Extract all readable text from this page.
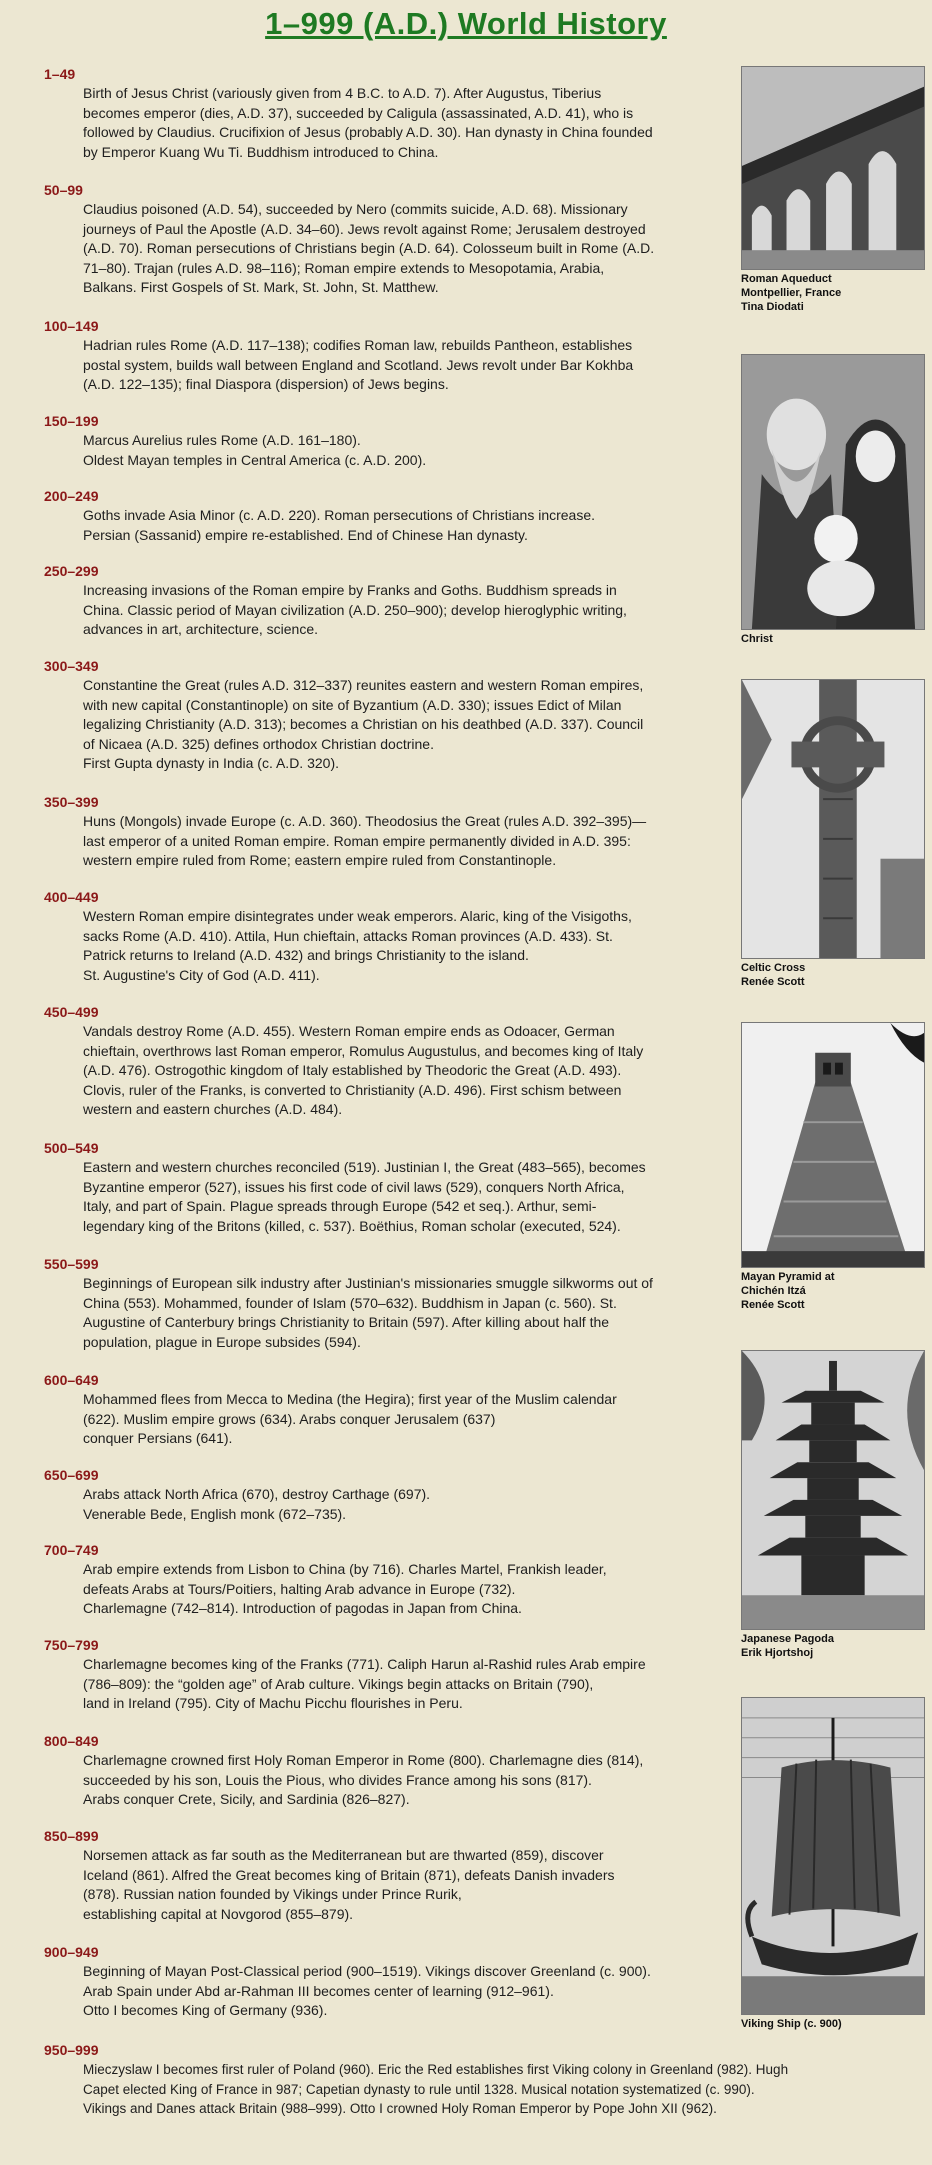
1–999 (A.D.) World History
1–49

Birth of Jesus Christ (variously given from 4 B.C. to A.D. 7). After Augustus, Tiberius

becomes emperor (dies, A.D. 37), succeeded by Caligula (assassinated, A.D. 41), who is

followed by Claudius. Crucifixion of Jesus (probably A.D. 30). Han dynasty in China founded

by Emperor Kuang Wu Ti. Buddhism introduced to China.

50–99

Claudius poisoned (A.D. 54), succeeded by Nero (commits suicide, A.D. 68). Missionary

journeys of Paul the Apostle (A.D. 34–60). Jews revolt against Rome; Jerusalem destroyed

(A.D. 70). Roman persecutions of Christians begin (A.D. 64). Colosseum built in Rome (A.D.

71–80). Trajan (rules A.D. 98–116); Roman empire extends to Mesopotamia, Arabia,

Balkans. First Gospels of St. Mark, St. John, St. Matthew.

100–149

Hadrian rules Rome (A.D. 117–138); codifies Roman law, rebuilds Pantheon, establishes

postal system, builds wall between England and Scotland. Jews revolt under Bar Kokhba

(A.D. 122–135); final Diaspora (dispersion) of Jews begins.

150–199

Marcus Aurelius rules Rome (A.D. 161–180).

Oldest Mayan temples in Central America (c. A.D. 200).

200–249

Goths invade Asia Minor (c. A.D. 220). Roman persecutions of Christians increase.

Persian (Sassanid) empire re-established. End of Chinese Han dynasty.

250–299

Increasing invasions of the Roman empire by Franks and Goths. Buddhism spreads in

China. Classic period of Mayan civilization (A.D. 250–900); develop hieroglyphic writing,

advances in art, architecture, science.

300–349

Constantine the Great (rules A.D. 312–337) reunites eastern and western Roman empires,

with new capital (Constantinople) on site of Byzantium (A.D. 330); issues Edict of Milan

legalizing Christianity (A.D. 313); becomes a Christian on his deathbed (A.D. 337). Council

of Nicaea (A.D. 325) defines orthodox Christian doctrine.

First Gupta dynasty in India (c. A.D. 320).

350–399

Huns (Mongols) invade Europe (c. A.D. 360). Theodosius the Great (rules A.D. 392–395)—

last emperor of a united Roman empire. Roman empire permanently divided in A.D. 395:

western empire ruled from Rome; eastern empire ruled from Constantinople.

400–449

Western Roman empire disintegrates under weak emperors. Alaric, king of the Visigoths,

sacks Rome (A.D. 410). Attila, Hun chieftain, attacks Roman provinces (A.D. 433). St.

Patrick returns to Ireland (A.D. 432) and brings Christianity to the island.

St. Augustine's City of God (A.D. 411).

450–499

Vandals destroy Rome (A.D. 455). Western Roman empire ends as Odoacer, German

chieftain, overthrows last Roman emperor, Romulus Augustulus, and becomes king of Italy

(A.D. 476). Ostrogothic kingdom of Italy established by Theodoric the Great (A.D. 493).

Clovis, ruler of the Franks, is converted to Christianity (A.D. 496). First schism between

western and eastern churches (A.D. 484).

500–549

Eastern and western churches reconciled (519). Justinian I, the Great (483–565), becomes

Byzantine emperor (527), issues his first code of civil laws (529), conquers North Africa,

Italy, and part of Spain. Plague spreads through Europe (542 et seq.). Arthur, semi-

legendary king of the Britons (killed, c. 537). Boëthius, Roman scholar (executed, 524).

550–599

Beginnings of European silk industry after Justinian's missionaries smuggle silkworms out of

China (553). Mohammed, founder of Islam (570–632). Buddhism in Japan (c. 560). St.

Augustine of Canterbury brings Christianity to Britain (597). After killing about half the

population, plague in Europe subsides (594).

600–649

Mohammed flees from Mecca to Medina (the Hegira); first year of the Muslim calendar

(622). Muslim empire grows (634). Arabs conquer Jerusalem (637)

conquer Persians (641).

650–699

Arabs attack North Africa (670), destroy Carthage (697).

Venerable Bede, English monk (672–735).

700–749

Arab empire extends from Lisbon to China (by 716). Charles Martel, Frankish leader,

defeats Arabs at Tours/Poitiers, halting Arab advance in Europe (732).

Charlemagne (742–814). Introduction of pagodas in Japan from China.

750–799

Charlemagne becomes king of the Franks (771). Caliph Harun al-Rashid rules Arab empire

(786–809): the “golden age” of Arab culture. Vikings begin attacks on Britain (790),

land in Ireland (795). City of Machu Picchu flourishes in Peru.

800–849

Charlemagne crowned first Holy Roman Emperor in Rome (800). Charlemagne dies (814),

succeeded by his son, Louis the Pious, who divides France among his sons (817).

Arabs conquer Crete, Sicily, and Sardinia (826–827).

850–899

Norsemen attack as far south as the Mediterranean but are thwarted (859), discover

Iceland (861). Alfred the Great becomes king of Britain (871), defeats Danish invaders

(878). Russian nation founded by Vikings under Prince Rurik,

establishing capital at Novgorod (855–879).

900–949

Beginning of Mayan Post-Classical period (900–1519). Vikings discover Greenland (c. 900).

Arab Spain under Abd ar-Rahman III becomes center of learning (912–961).

Otto I becomes King of Germany (936).

950–999

Mieczyslaw I becomes first ruler of Poland (960). Eric the Red establishes first Viking colony in Greenland (982). Hugh

Capet elected King of France in 987; Capetian dynasty to rule until 1328. Musical notation systematized (c. 990).

Vikings and Danes attack Britain (988–999). Otto I crowned Holy Roman Emperor by Pope John XII (962).

Roman Aqueduct
Montpellier, France
Tina Diodati
Christ
Celtic Cross
Renée Scott
Mayan Pyramid at
Chichén Itzá
Renée Scott
Japanese Pagoda
Erik Hjortshoj
Viking Ship (c. 900)
